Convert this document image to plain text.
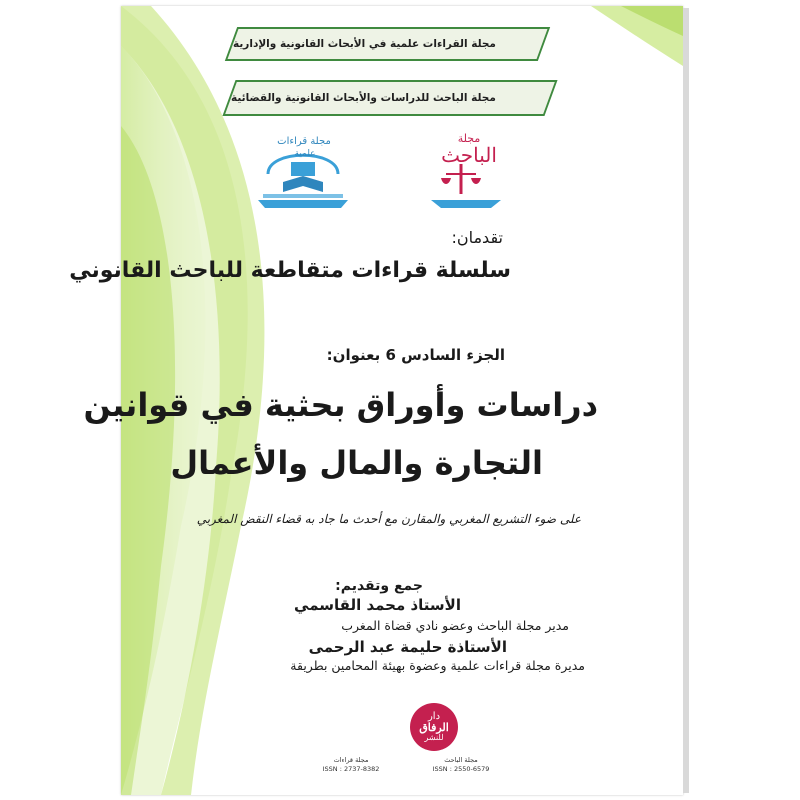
مجلة القراءات علمية في الأبحاث القانونية والإدارية
مجلة الباحث للدراسات والأبحاث القانونية والقضائية
مجلة قراءات
علمية
مجلة
الباحث
تقدمان:
سلسلة قراءات متقاطعة للباحث القانوني
الجزء السادس 6 بعنوان:
دراسات وأوراق بحثية في قوانين
التجارة والمال والأعمال
على ضوء التشريع المغربي والمقارن مع أحدث ما جاد به قضاء النقض المغربي
جمع وتقديم:
الأستاذ محمد القاسمي
مدير مجلة الباحث وعضو نادي قضاة المغرب
الأستاذة حليمة عبد الرحمى
مديرة مجلة قراءات علمية وعضوة بهيئة المحامين بطريقة
دار
الرفاق
للنشر
مجلة الباحث
ISSN : 2550-6579
مجلة قراءات
ISSN : 2737-8382
